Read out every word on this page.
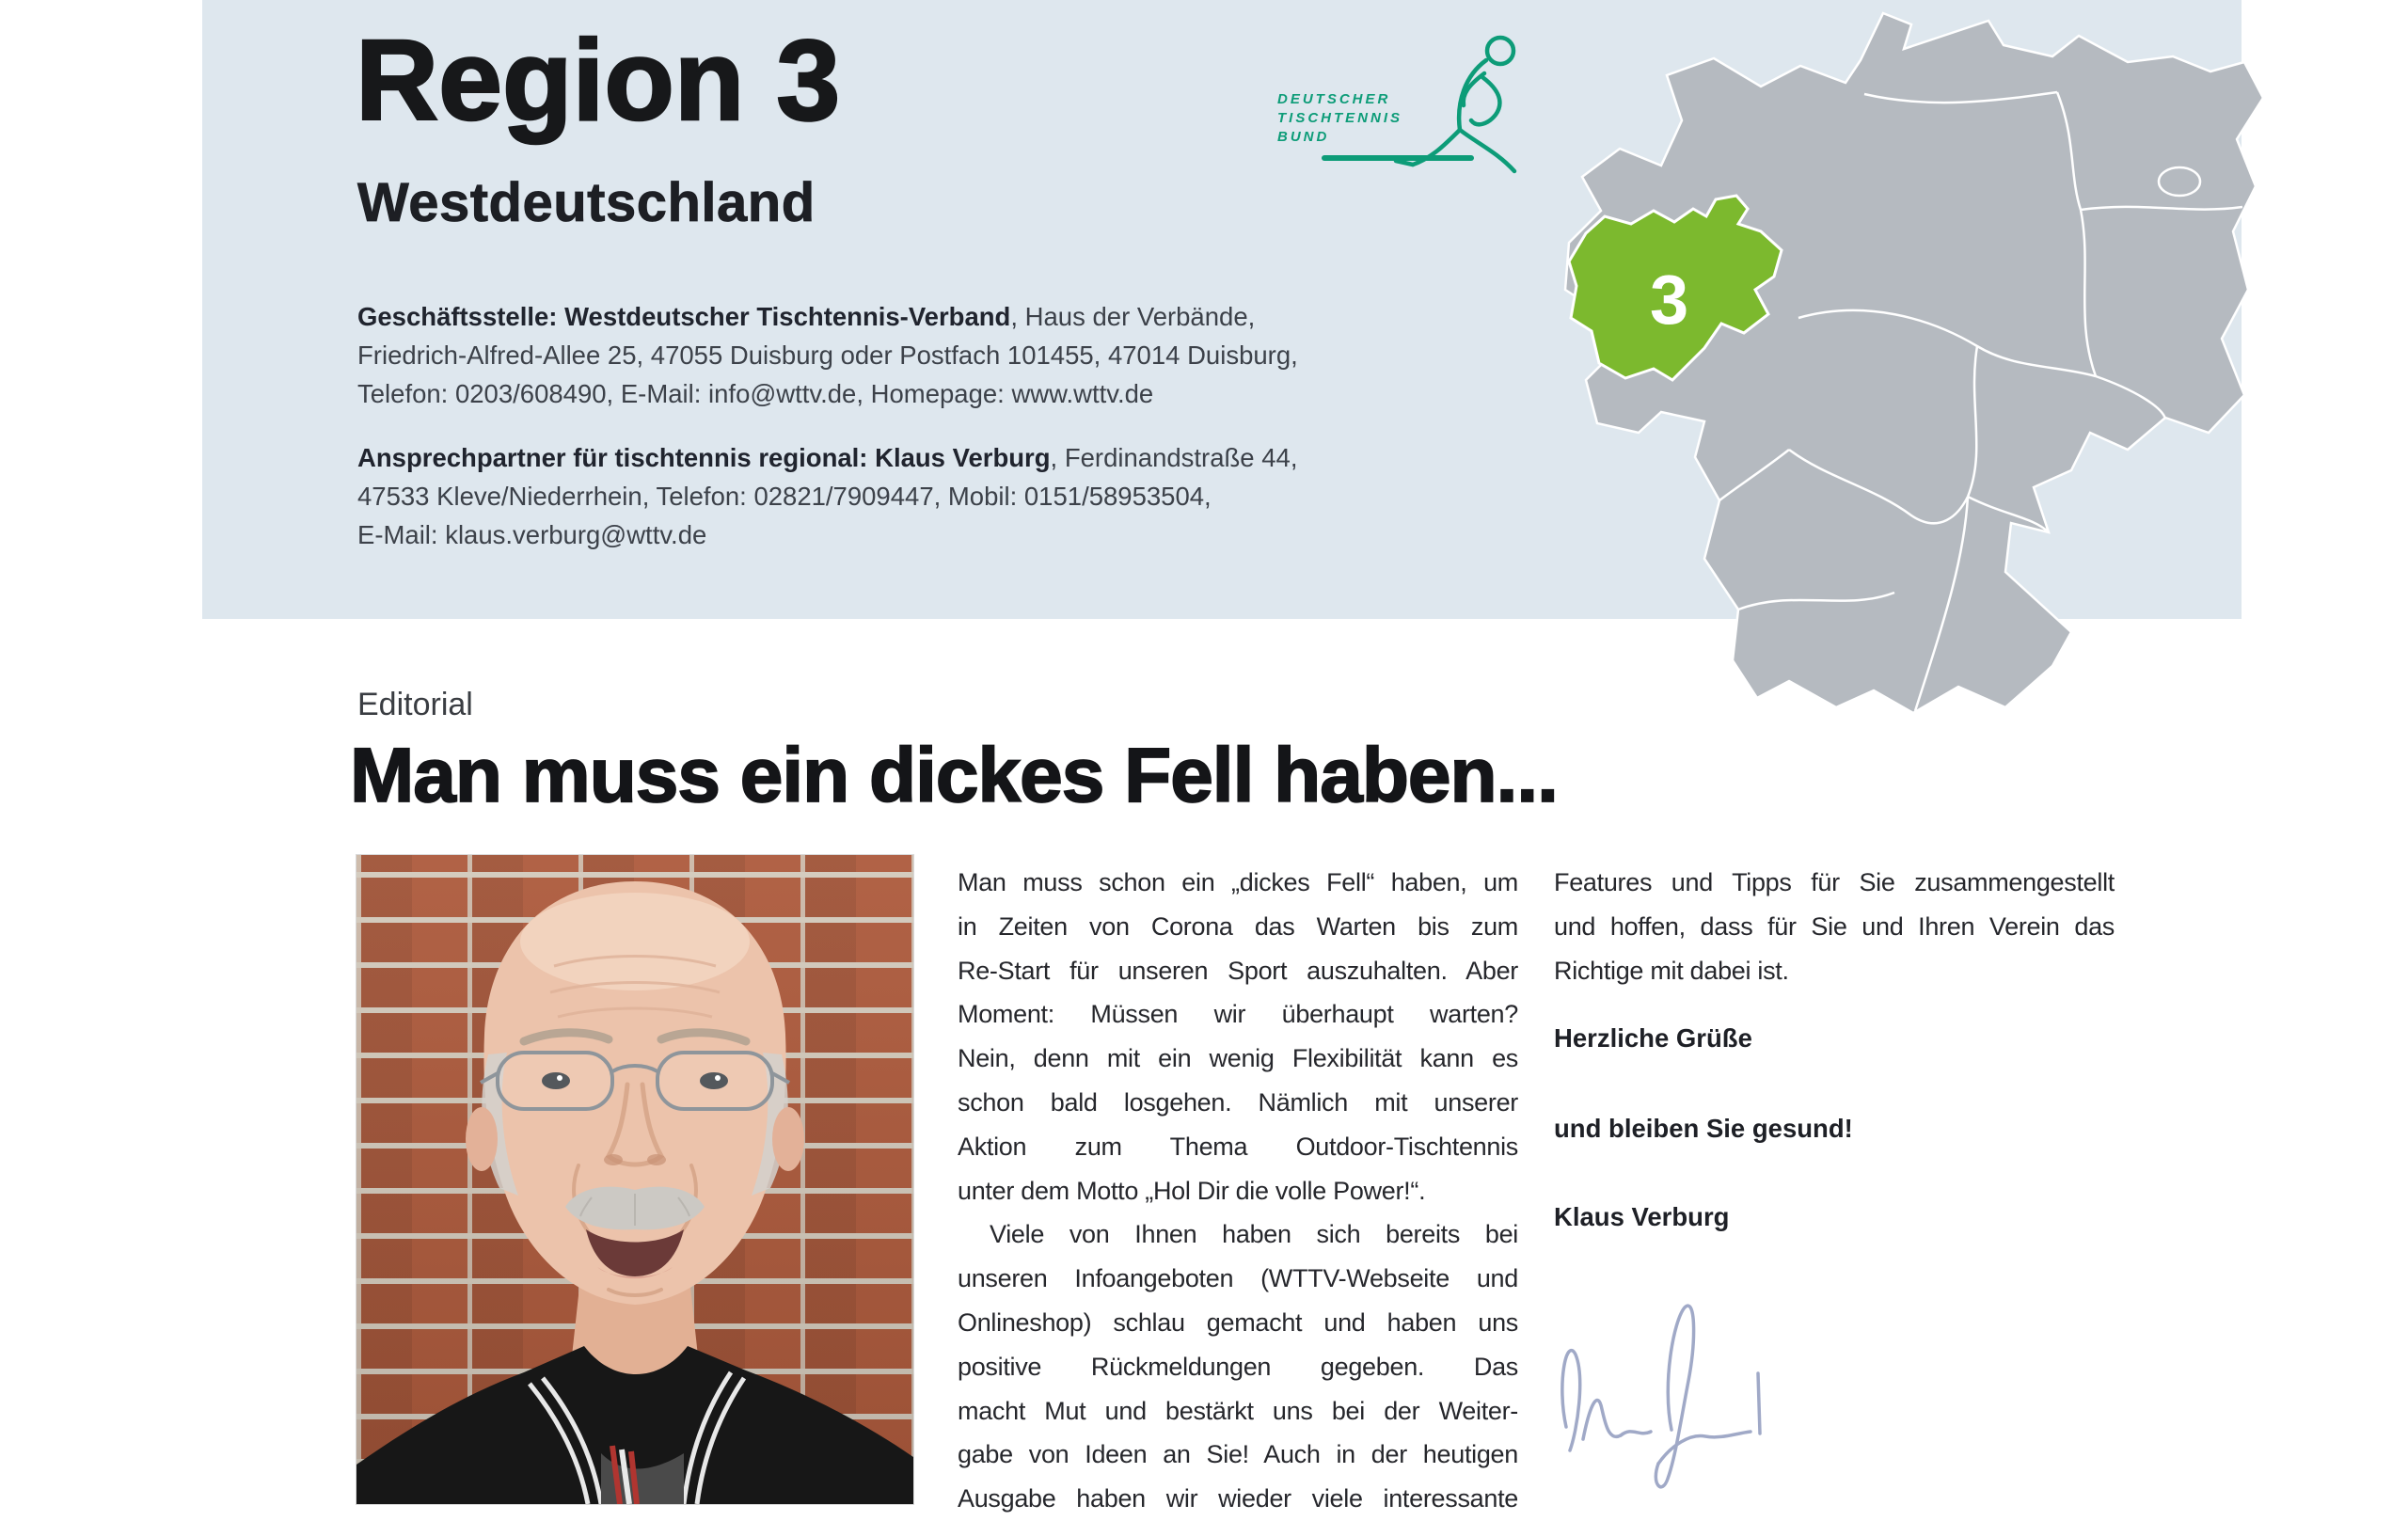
Region 3
Westdeutschland
Geschäftsstelle: Westdeutscher Tischtennis-Verband, Haus der Verbände,
Friedrich-Alfred-Allee 25, 47055 Duisburg oder Postfach 101455, 47014 Duisburg,
Telefon: 0203/608490, E-Mail: info@wttv.de, Homepage: www.wttv.de
Ansprechpartner für tischtennis regional: Klaus Verburg, Ferdinandstraße 44,
47533 Kleve/Niederrhein, Telefon: 02821/7909447, Mobil: 0151/58953504,
E-Mail: klaus.verburg@wttv.de
DEUTSCHER
TISCHTENNIS
BUND
3
Editorial
Man muss ein dickes Fell haben...
Man muss schon ein „dickes Fell“ haben, um
in Zeiten von Corona das Warten bis zum
Re-Start für unseren Sport auszuhalten. Aber
Moment: Müssen wir überhaupt warten?
Nein, denn mit ein wenig Flexibilität kann es
schon bald losgehen. Nämlich mit unserer
Aktion zum Thema Outdoor-Tischtennis
unter dem Motto „Hol Dir die volle Power!“.
Viele von Ihnen haben sich bereits bei
unseren Infoangeboten (WTTV-Webseite und
Onlineshop) schlau gemacht und haben uns
positive Rückmeldungen gegeben. Das
macht Mut und bestärkt uns bei der Weiter-
gabe von Ideen an Sie! Auch in der heutigen
Ausgabe haben wir wieder viele interessante
Features und Tipps für Sie zusammengestellt
und hoffen, dass für Sie und Ihren Verein das
Richtige mit dabei ist.
Herzliche Grüße
und bleiben Sie gesund!
Klaus Verburg
